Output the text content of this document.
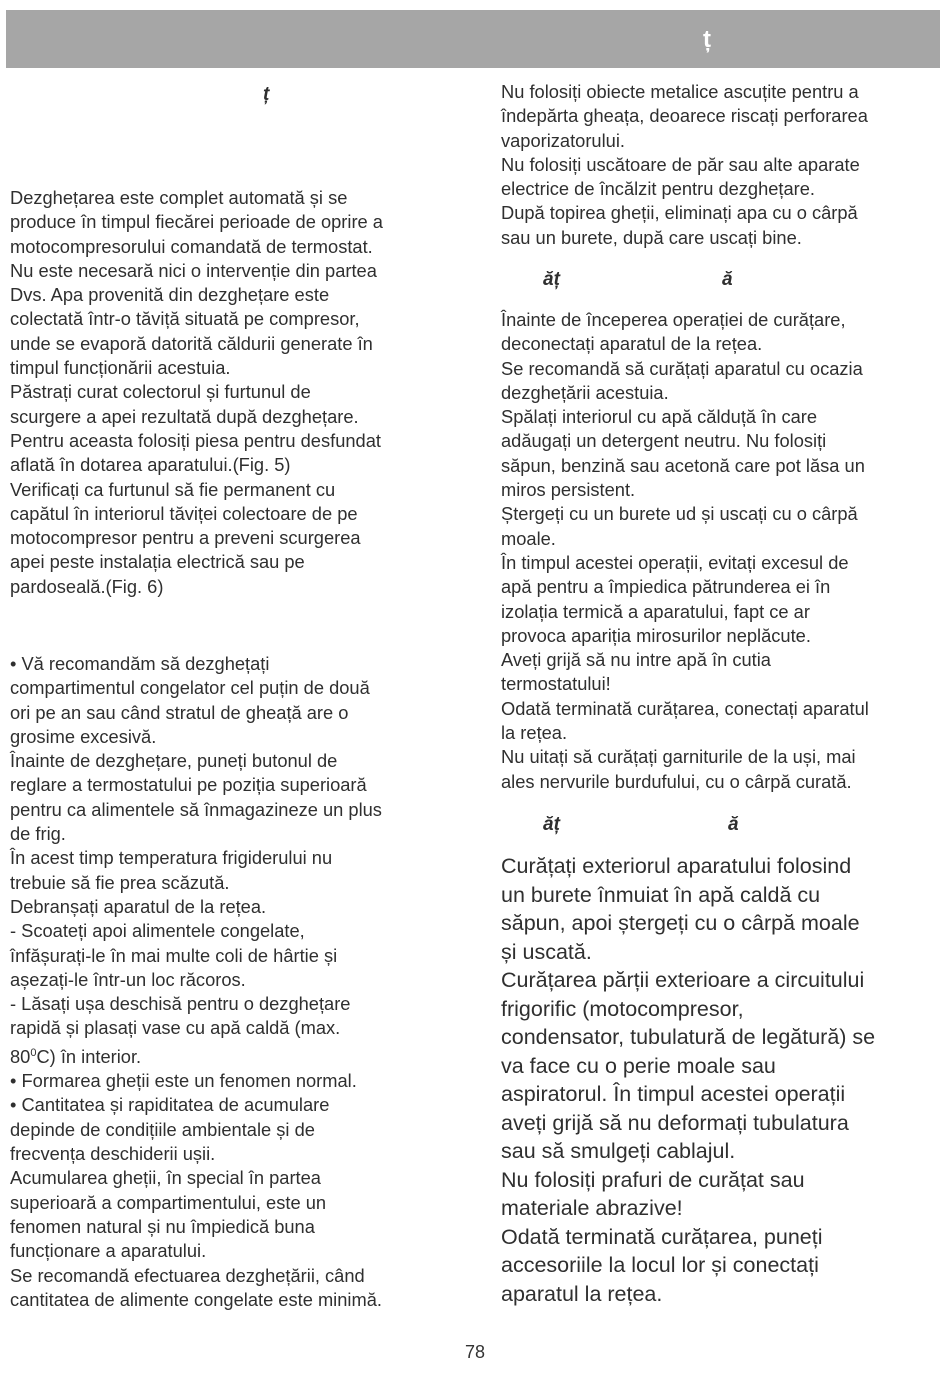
ț
ț

Dezghețarea este complet automată și se
produce în timpul fiecărei perioade de oprire a
motocompresorului comandată de termostat.
Nu este necesară nici o intervenție din partea
Dvs. Apa provenită din dezghețare este
colectată într-o tăviță situată pe compresor,
unde se evaporă datorită căldurii generate în
timpul funcționării acestuia.
Păstrați curat colectorul și furtunul de
scurgere a apei rezultată după dezghețare.
Pentru aceasta folosiți piesa pentru desfundat
aflată în dotarea aparatului.(Fig. 5)
Verificați ca furtunul să fie permanent cu
capătul în interiorul tăviței colectoare de pe
motocompresor pentru a preveni scurgerea
apei peste instalația electrică sau pe
pardoseală.(Fig. 6)

• Vă recomandăm să dezghețați
compartimentul congelator cel puțin de două
ori pe an sau când stratul de gheață are o
grosime excesivă.
Înainte de dezghețare, puneți butonul de
reglare a termostatului pe poziția superioară
pentru ca alimentele să înmagazineze un plus
de frig.
În acest timp temperatura frigiderului nu
trebuie să fie prea scăzută.
Debranșați aparatul de la rețea.
- Scoateți apoi alimentele congelate,
înfășurați-le în mai multe coli de hârtie și
așezați-le într-un loc răcoros.
- Lăsați ușa deschisă pentru o dezghețare
rapidă și plasați vase cu apă caldă (max.

$80^0C$) în interior.

• Formarea gheții este un fenomen normal.
• Cantitatea și rapiditatea de acumulare
depinde de condițiile ambientale și de
frecvența deschiderii ușii.
Acumularea gheții, în special în partea
superioară a compartimentului, este un
fenomen natural și nu împiedică buna
funcționare a aparatului.
Se recomandă efectuarea dezghețării, când
cantitatea de alimente congelate este minimă.

Nu folosiți obiecte metalice ascuțite pentru a
îndepărta gheața, deoarece riscați perforarea
vaporizatorului.
Nu folosiți uscătoare de păr sau alte aparate
electrice de încălzit pentru dezghețare.
După topirea gheții, eliminați apa cu o cârpă
sau un burete, după care uscați bine.

ăț	ă

Înainte de începerea operației de curățare,
deconectați aparatul de la rețea.
Se recomandă să curățați aparatul cu ocazia
dezghețării acestuia.
Spălați interiorul cu apă călduță în care
adăugați un detergent neutru. Nu folosiți
săpun, benzină sau acetonă care pot lăsa un
miros persistent.
Ștergeți cu un burete ud și uscați cu o cârpă
moale.
În timpul acestei operații, evitați excesul de
apă pentru a împiedica pătrunderea ei în
izolația termică a aparatului, fapt ce ar
provoca apariția mirosurilor neplăcute.
Aveți grijă să nu intre apă în cutia
termostatului!
Odată terminată curățarea, conectați aparatul
la rețea.
Nu uitați să curățați garniturile de la uși, mai
ales nervurile burdufului, cu o cârpă curată.

ăț	ă

Curățați exteriorul aparatului folosind
un burete înmuiat în apă caldă cu
săpun, apoi ștergeți cu o cârpă moale
și uscată.
Curățarea părții exterioare a circuitului
frigorific (motocompresor,
condensator, tubulatură de legătură) se
va face cu o perie moale sau
aspiratorul. În timpul acestei operații
aveți grijă să nu deformați tubulatura
sau să smulgeți cablajul.
Nu folosiți prafuri de curățat sau
materiale abrazive!
Odată terminată curățarea, puneți
accesoriile la locul lor și conectați
aparatul la rețea.

78
